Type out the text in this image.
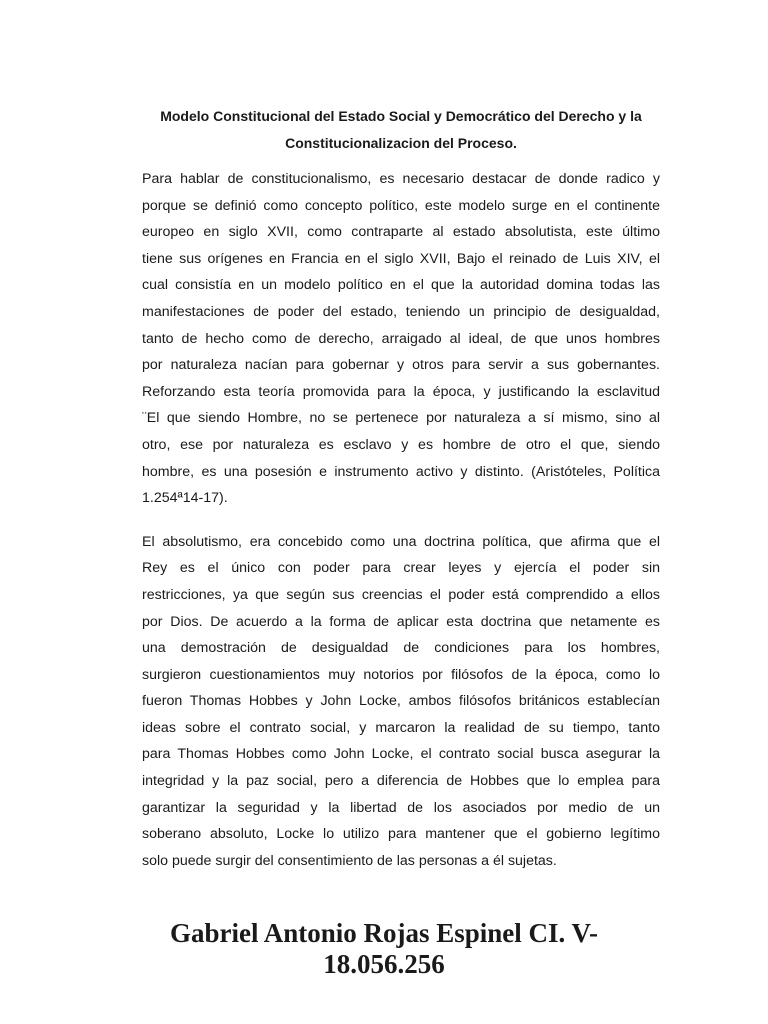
Modelo Constitucional del Estado Social y Democrático del Derecho y la
Constitucionalizacion del Proceso.

Para hablar de constitucionalismo, es necesario destacar de donde radico y
porque se definió como concepto político, este modelo surge en el continente
europeo en siglo XVII, como contraparte al estado absolutista, este último
tiene sus orígenes en Francia en el siglo XVII, Bajo el reinado de Luis XIV, el
cual consistía en un modelo político en el que la autoridad domina todas las
manifestaciones de poder del estado, teniendo un principio de desigualdad,
tanto de hecho como de derecho, arraigado al ideal, de que unos hombres
por naturaleza nacían para gobernar y otros para servir a sus gobernantes.
Reforzando esta teoría promovida para la época, y justificando la esclavitud
¨El que siendo Hombre, no se pertenece por naturaleza a sí mismo, sino al
otro, ese por naturaleza es esclavo y es hombre de otro el que, siendo
hombre, es una posesión e instrumento activo y distinto. (Aristóteles, Política
1.254ª14-17).

El absolutismo, era concebido como una doctrina política, que afirma que el
Rey es el único con poder para crear leyes y ejercía el poder sin
restricciones, ya que según sus creencias el poder está comprendido a ellos
por Dios. De acuerdo a la forma de aplicar esta doctrina que netamente es
una demostración de desigualdad de condiciones para los hombres,
surgieron cuestionamientos muy notorios por filósofos de la época, como lo
fueron Thomas Hobbes y John Locke, ambos filósofos británicos establecían
ideas sobre el contrato social, y marcaron la realidad de su tiempo, tanto
para Thomas Hobbes como John Locke, el contrato social busca asegurar la
integridad y la paz social, pero a diferencia de Hobbes que lo emplea para
garantizar la seguridad y la libertad de los asociados por medio de un
soberano absoluto, Locke lo utilizo para mantener que el gobierno legítimo
solo puede surgir del consentimiento de las personas a él sujetas.

Gabriel Antonio Rojas Espinel CI. V-
18.056.256
